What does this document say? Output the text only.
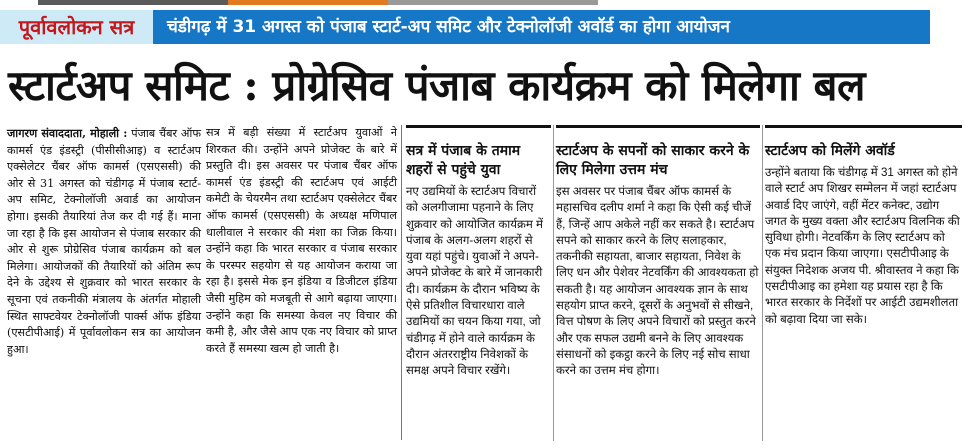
पूर्वावलोकन सत्र	चंडीगढ़ में 31 अगस्त को पंजाब स्टार्ट-अप समिट और टेक्नोलॉजी अवॉर्ड का होगा आयोजन
स्टार्टअप समिट : प्रोग्रेसिव पंजाब कार्यक्रम को मिलेगा बल

जागरण संवाददाता, मोहाली : पंजाब चैंबर ऑफ कामर्स एंड इंडस्ट्री (पीसीसीआइ) व स्टार्टअप एक्सेलेटर चैंबर ऑफ कामर्स (एसएससी) की ओर से 31 अगस्त को चंडीगढ़ में पंजाब स्टार्ट-अप समिट, टेक्नोलॉजी अवार्ड का आयोजन होगा। इसकी तैयारियां तेज कर दी गई हैं। माना जा रहा है कि इस आयोजन से पंजाब सरकार की ओर से शुरू प्रोग्रेसिव पंजाब कार्यक्रम को बल मिलेगा। आयोजकों की तैयारियों को अंतिम रूप देने के उद्देश्य से शुक्रवार को भारत सरकार के सूचना एवं तकनीकी मंत्रालय के अंतर्गत मोहाली स्थित साफ्टवेयर टेक्नोलॉजी पार्क्स ऑफ इंडिया (एसटीपीआई) में पूर्वावलोकन सत्र का आयोजन हुआ।

सत्र में बड़ी संख्या में स्टार्टअप युवाओं ने शिरकत की। उन्होंने अपने प्रोजेक्ट के बारे में प्रस्तुति दी। इस अवसर पर पंजाब चैंबर ऑफ कामर्स एंड इंडस्ट्री की स्टार्टअप एवं आईटी कमेटी के चेयरमैन तथा स्टार्टअप एक्सेलेटर चैंबर ऑफ कामर्स (एसएससी) के अध्यक्ष मणिपाल धालीवाल ने सरकार की मंशा का जिक्र किया। उन्होंने कहा कि भारत सरकार व पंजाब सरकार के परस्पर सहयोग से यह आयोजन कराया जा रहा है। इससे मेक इन इंडिया व डिजीटल इंडिया जैसी मुहिम को मजबूती से आगे बढ़ाया जाएगा। उन्होंने कहा कि समस्या केवल नए विचार की कमी है, और जैसे आप एक नए विचार को प्राप्त करते हैं समस्या खत्म हो जाती है।

सत्र में पंजाब के तमाम शहरों से पहुंचे युवा
नए उद्यमियों के स्टार्टअप विचारों को अलगीजामा पहनाने के लिए शुक्रवार को आयोजित कार्यक्रम में पंजाब के अलग-अलग शहरों से युवा यहां पहुंचे। युवाओं ने अपने-अपने प्रोजेक्ट के बारे में जानकारी दी। कार्यक्रम के दौरान भविष्य के ऐसे प्रतिशील विचारधारा वाले उद्यमियों का चयन किया गया, जो चंडीगढ़ में होने वाले कार्यक्रम के दौरान अंतरराष्ट्रीय निवेशकों के समक्ष अपने विचार रखेंगे।
स्टार्टअप के सपनों को साकार करने के लिए मिलेगा उत्तम मंच
इस अवसर पर पंजाब चैंबर ऑफ कामर्स के महासचिव दलीप शर्मा ने कहा कि ऐसी कई चीजें हैं, जिन्हें आप अकेले नहीं कर सकते है। स्टार्टअप सपने को साकार करने के लिए सलाहकार, तकनीकी सहायता, बाजार सहायता, निवेश के लिए धन और पेशेवर नेटवर्किंग की आवश्यकता हो सकती है। यह आयोजन आवश्यक ज्ञान के साथ सहयोग प्राप्त करने, दूसरों के अनुभवों से सीखने, वित्त पोषण के लिए अपने विचारों को प्रस्तुत करने और एक सफल उद्यमी बनने के लिए आवश्यक संसाधनों को इकट्ठा करने के लिए नई सोच साधा करने का उत्तम मंच होगा।
स्टार्टअप को मिलेंगे अवॉर्ड
उन्होंने बताया कि चंडीगढ़ में 31 अगस्त को होने वाले स्टार्ट अप शिखर सम्मेलन में जहां स्टार्टअप अवार्ड दिए जाएंगे, वहीं मेंटर कनेक्ट, उद्योग जगत के मुख्य वक्ता और स्टार्टअप विलनिक की सुविधा होगी। नेटवर्किंग के लिए स्टार्टअप को एक मंच प्रदान किया जाएगा। एसटीपीआइ के संयुक्त निदेशक अजय पी. श्रीवास्तव ने कहा कि एसटीपीआइ का हमेशा यह प्रयास रहा है कि भारत सरकार के निर्देशों पर आईटी उद्यमशीलता को बढ़ावा दिया जा सके।
